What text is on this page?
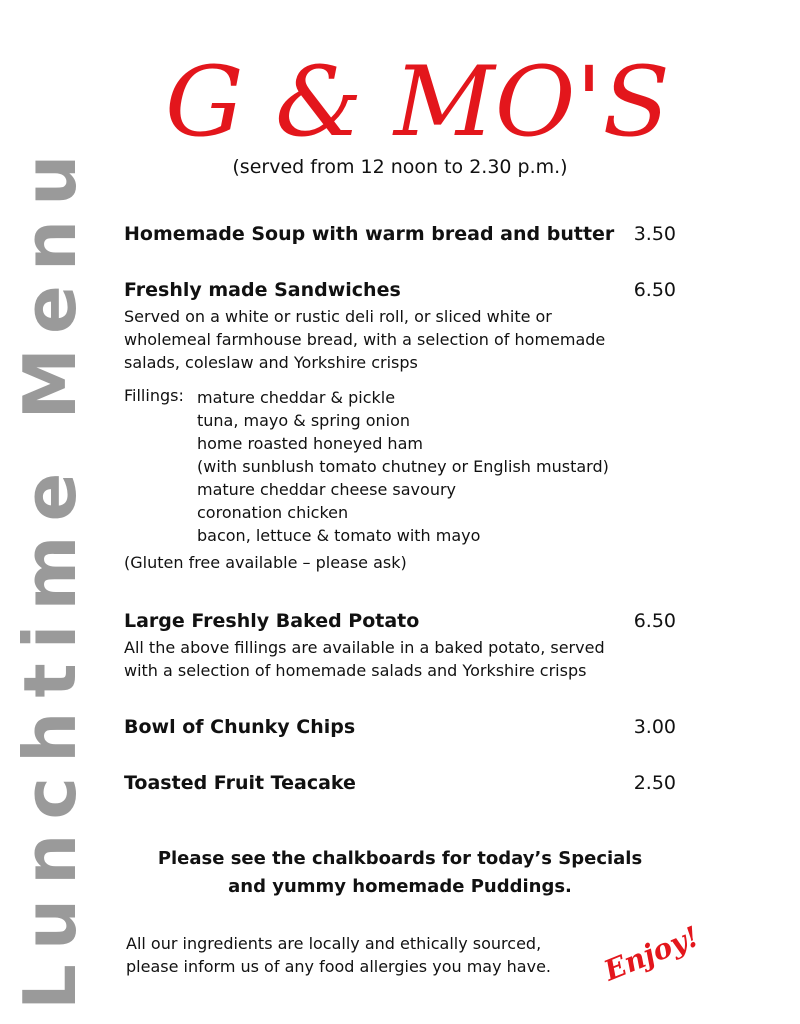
Lunchtime Menu
G & MO'S
(served from 12 noon to 2.30 p.m.)
Homemade Soup with warm bread and butter 3.50
Freshly made Sandwiches	6.50
Served on a white or rustic deli roll, or sliced white or
wholemeal farmhouse bread, with a selection of homemade
salads, coleslaw and Yorkshire crisps
Fillings: mature cheddar & pickle
tuna, mayo & spring onion
home roasted honeyed ham
(with sunblush tomato chutney or English mustard)
mature cheddar cheese savoury
coronation chicken
bacon, lettuce & tomato with mayo
(Gluten free available – please ask)
Large Freshly Baked Potato	6.50
All the above fillings are available in a baked potato, served
with a selection of homemade salads and Yorkshire crisps
Bowl of Chunky Chips	3.00
Toasted Fruit Teacake	2.50
Please see the chalkboards for today’s Specials
and yummy homemade Puddings.
All our ingredients are locally and ethically sourced,
please inform us of any food allergies you may have. Enjoy!
